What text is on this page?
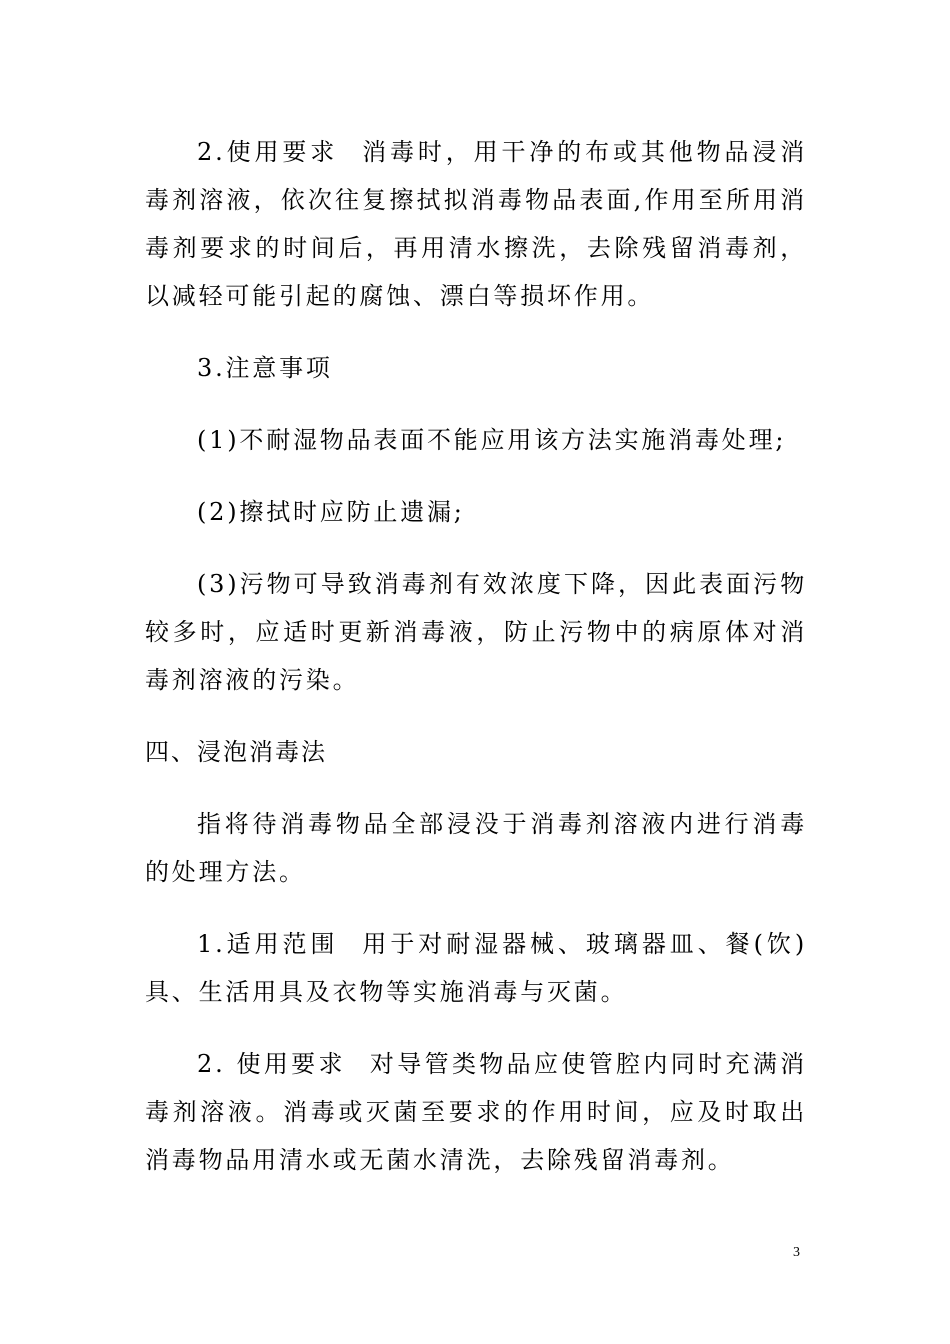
2.使用要求 消毒时，用干净的布或其他物品浸消毒剂溶液，依次往复擦拭拟消毒物品表面,作用至所用消毒剂要求的时间后，再用清水擦洗，去除残留消毒剂，以减轻可能引起的腐蚀、漂白等损坏作用。

3.注意事项

(1)不耐湿物品表面不能应用该方法实施消毒处理;

(2)擦拭时应防止遗漏;

(3)污物可导致消毒剂有效浓度下降，因此表面污物较多时，应适时更新消毒液，防止污物中的病原体对消毒剂溶液的污染。

四、浸泡消毒法

指将待消毒物品全部浸没于消毒剂溶液内进行消毒的处理方法。

1.适用范围 用于对耐湿器械、玻璃器皿、餐(饮)具、生活用具及衣物等实施消毒与灭菌。

2. 使用要求 对导管类物品应使管腔内同时充满消毒剂溶液。消毒或灭菌至要求的作用时间，应及时取出消毒物品用清水或无菌水清洗，去除残留消毒剂。

3
